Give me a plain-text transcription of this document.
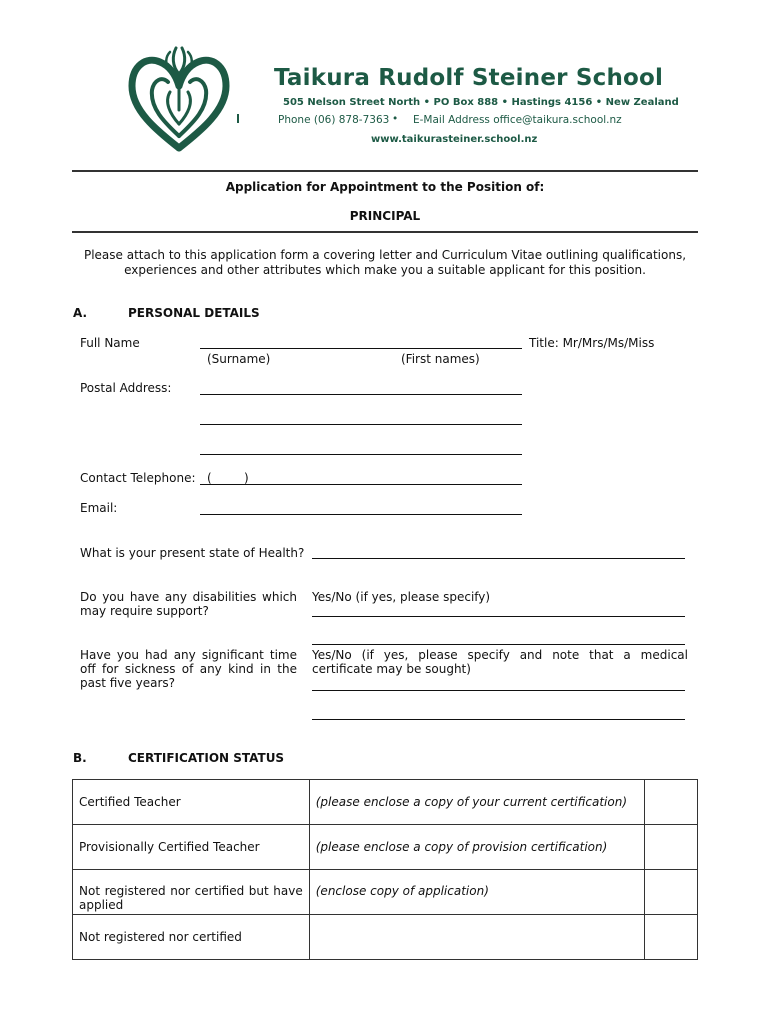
Taikura Rudolf Steiner School
505 Nelson Street North • PO Box 888 • Hastings 4156 • New Zealand
Phone (06) 878-7363 • E-Mail Address office@taikura.school.nz
www.taikurasteiner.school.nz
Application for Appointment to the Position of:
PRINCIPAL
Please attach to this application form a covering letter and Curriculum Vitae outlining qualifications,
experiences and other attributes which make you a suitable applicant for this position.
A.	PERSONAL DETAILS
Full Name	Title: Mr/Mrs/Ms/Miss
(Surname)	(First names)
Postal Address:
Contact Telephone: (	)
Email:
What is your present state of Health?
Do you have any disabilities which may require support?
Yes/No (if yes, please specify)
Have you had any significant time off for sickness of any kind in the past five years?
Yes/No (if yes, please specify and note that a medical certificate may be sought)
B.	CERTIFICATION STATUS
Certified Teacher	(please enclose a copy of your current certification)	
Provisionally Certified Teacher	(please enclose a copy of provision certification)	
Not registered nor certified but have applied	(enclose copy of application)	
Not registered nor certified		
